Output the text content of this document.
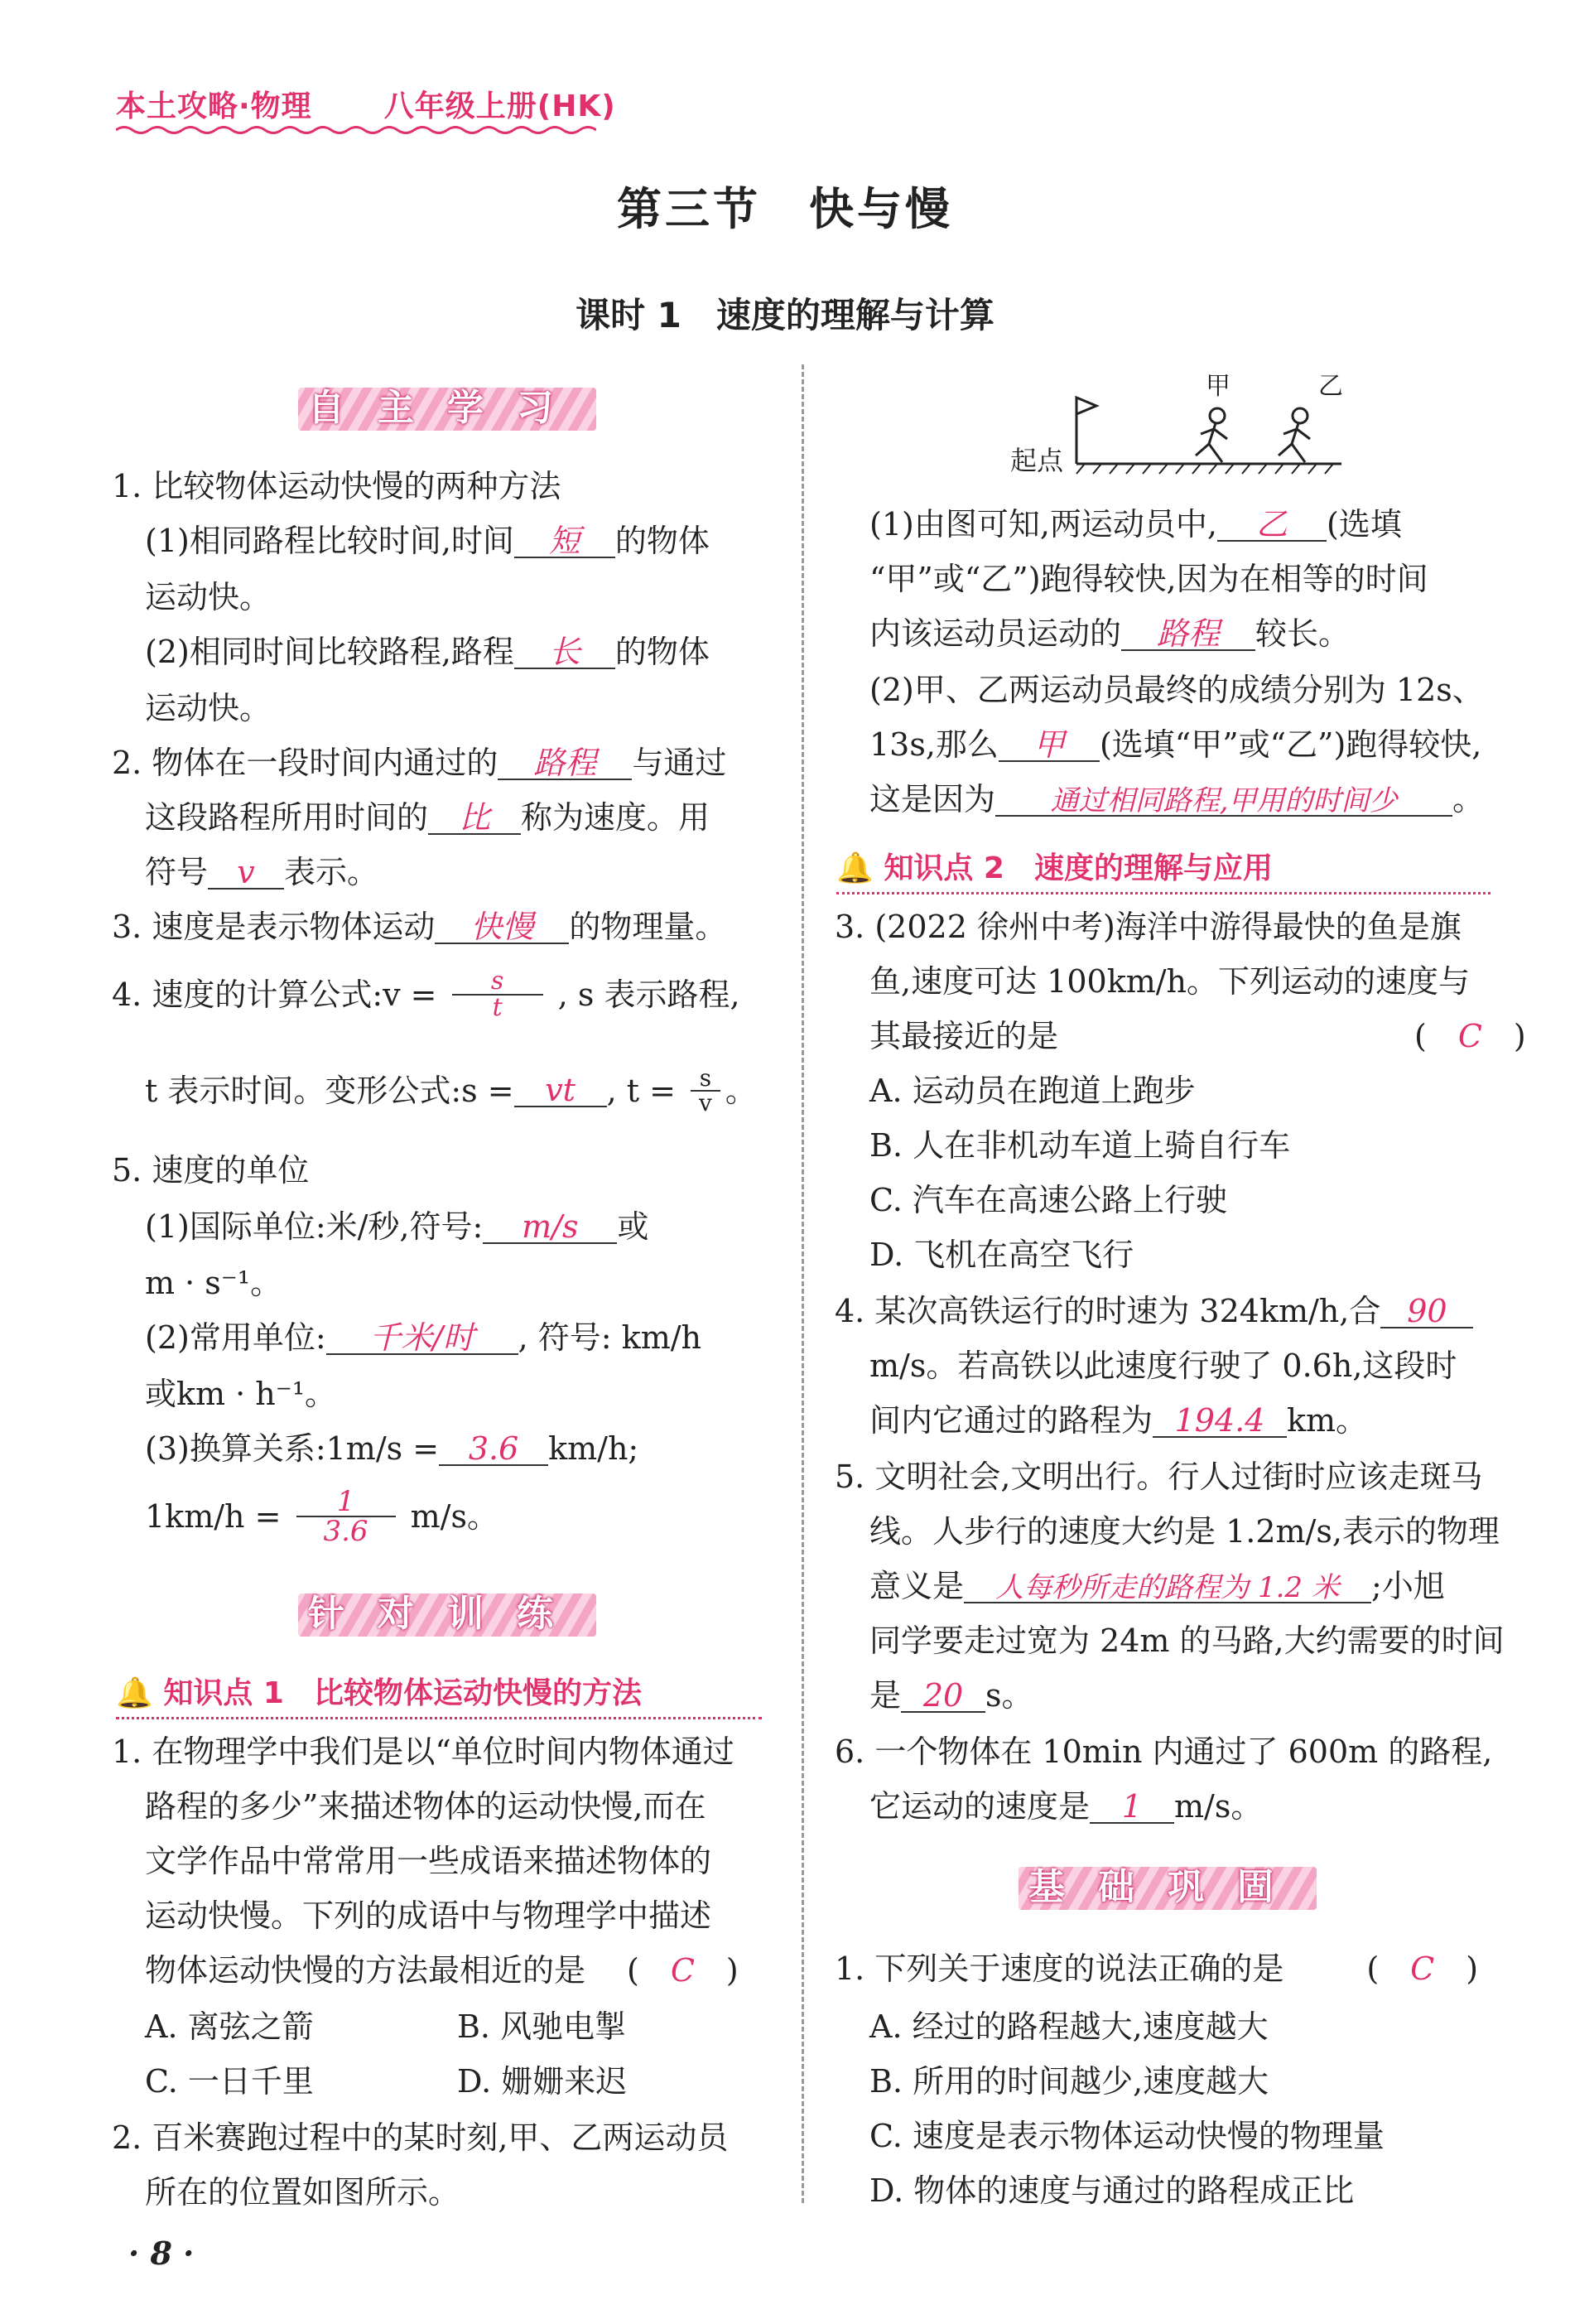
本土攻略·物理 八年级上册(HK)
第三节　快与慢
课时 1　速度的理解与计算
自主学习
1. 比较物体运动快慢的两种方法
(1)相同路程比较时间,时间 短 的物体
运动快。
(2)相同时间比较路程,路程 长 的物体
运动快。
2. 物体在一段时间内通过的 路程 与通过
这段路程所用时间的 比 称为速度。用
符号 v 表示。
3. 速度是表示物体运动 快慢 的物理量。
4. 速度的计算公式:v = $\frac{s}{t}$ , s 表示路程,
t 表示时间。变形公式:s = vt , $t = \frac{s}{v}$ 。
5. 速度的单位
(1)国际单位:米/秒,符号: m/s 或
m · s⁻¹。
(2)常用单位: 千米/时 , 符号: km/h
或km · h⁻¹。
(3)换算关系:1m/s = 3.6 km/h;
$1km/h = \frac{1}{3.6} m/s$。
针对训练
🔔 知识点 1　比较物体运动快慢的方法
1. 在物理学中我们是以“单位时间内物体通过
路程的多少”来描述物体的运动快慢,而在
文学作品中常常用一些成语来描述物体的
运动快慢。下列的成语中与物理学中描述
物体运动快慢的方法最相近的是 (　C　)
A. 离弦之箭	B. 风驰电掣
C. 一日千里	D. 姗姗来迟
2. 百米赛跑过程中的某时刻,甲、乙两运动员
所在的位置如图所示。
· 8 ·
起点
甲	乙
(1)由图可知,两运动员中, 乙 (选填
“甲”或“乙”)跑得较快,因为在相等的时间
内该运动员运动的 路程 较长。
(2)甲、乙两运动员最终的成绩分别为 12s、
13s,那么 甲 (选填“甲”或“乙”)跑得较快,
这是因为 通过相同路程,甲用的时间少 。
🔔 知识点 2　速度的理解与应用
3. (2022 徐州中考)海洋中游得最快的鱼是旗
鱼,速度可达 100km/h。下列运动的速度与
其最接近的是	(　C　)
A. 运动员在跑道上跑步
B. 人在非机动车道上骑自行车
C. 汽车在高速公路上行驶
D. 飞机在高空飞行
4. 某次高铁运行的时速为 324km/h,合 90
m/s。若高铁以此速度行驶了 0.6h,这段时
间内它通过的路程为 194.4 km。
5. 文明社会,文明出行。行人过街时应该走斑马
线。人步行的速度大约是 1.2m/s,表示的物理
意义是 人每秒所走的路程为 1.2 米 ;小旭
同学要走过宽为 24m 的马路,大约需要的时间
是 20 s。
6. 一个物体在 10min 内通过了 600m 的路程,
它运动的速度是 1 m/s。
基础巩固
1. 下列关于速度的说法正确的是	(　C　)
A. 经过的路程越大,速度越大
B. 所用的时间越少,速度越大
C. 速度是表示物体运动快慢的物理量
D. 物体的速度与通过的路程成正比
